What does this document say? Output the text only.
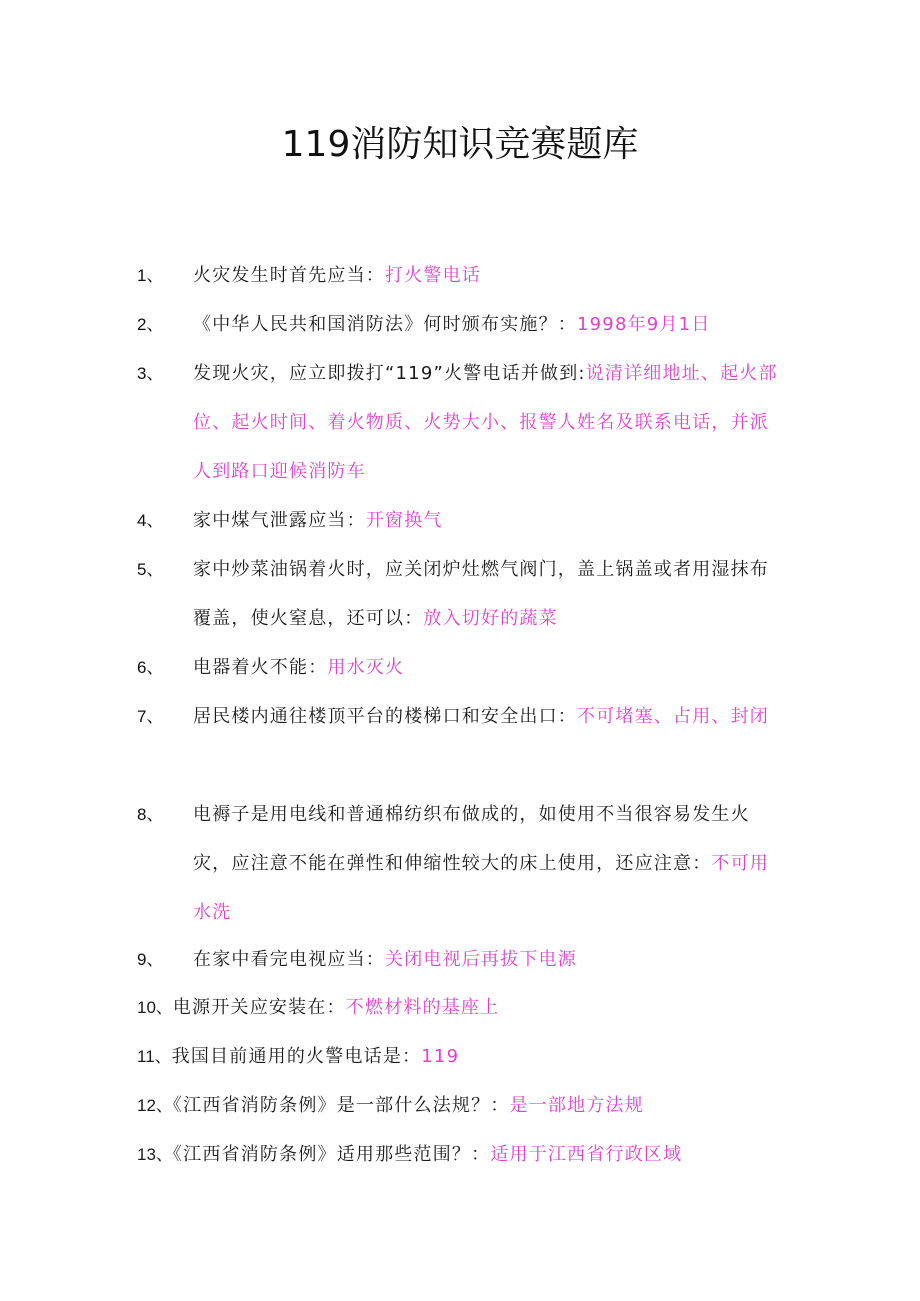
119消防知识竞赛题库
1、 火灾发生时首先应当：打火警电话
2、 《中华人民共和国消防法》何时颁布实施？：1998年9月1日
3、 发现火灾，应立即拨打“119”火警电话并做到:说清详细地址、起火部位、起火时间、着火物质、火势大小、报警人姓名及联系电话，并派人到路口迎候消防车
4、 家中煤气泄露应当：开窗换气
5、 家中炒菜油锅着火时，应关闭炉灶燃气阀门，盖上锅盖或者用湿抹布覆盖，使火窒息，还可以：放入切好的蔬菜
6、 电器着火不能：用水灭火
7、 居民楼内通往楼顶平台的楼梯口和安全出口：不可堵塞、占用、封闭
8、 电褥子是用电线和普通棉纺织布做成的，如使用不当很容易发生火灾，应注意不能在弹性和伸缩性较大的床上使用，还应注意：不可用水洗
9、 在家中看完电视应当：关闭电视后再拔下电源
10、电源开关应安装在：不燃材料的基座上
11、我国目前通用的火警电话是：119
12、《江西省消防条例》是一部什么法规？：是一部地方法规
13、《江西省消防条例》适用那些范围？：适用于江西省行政区域
